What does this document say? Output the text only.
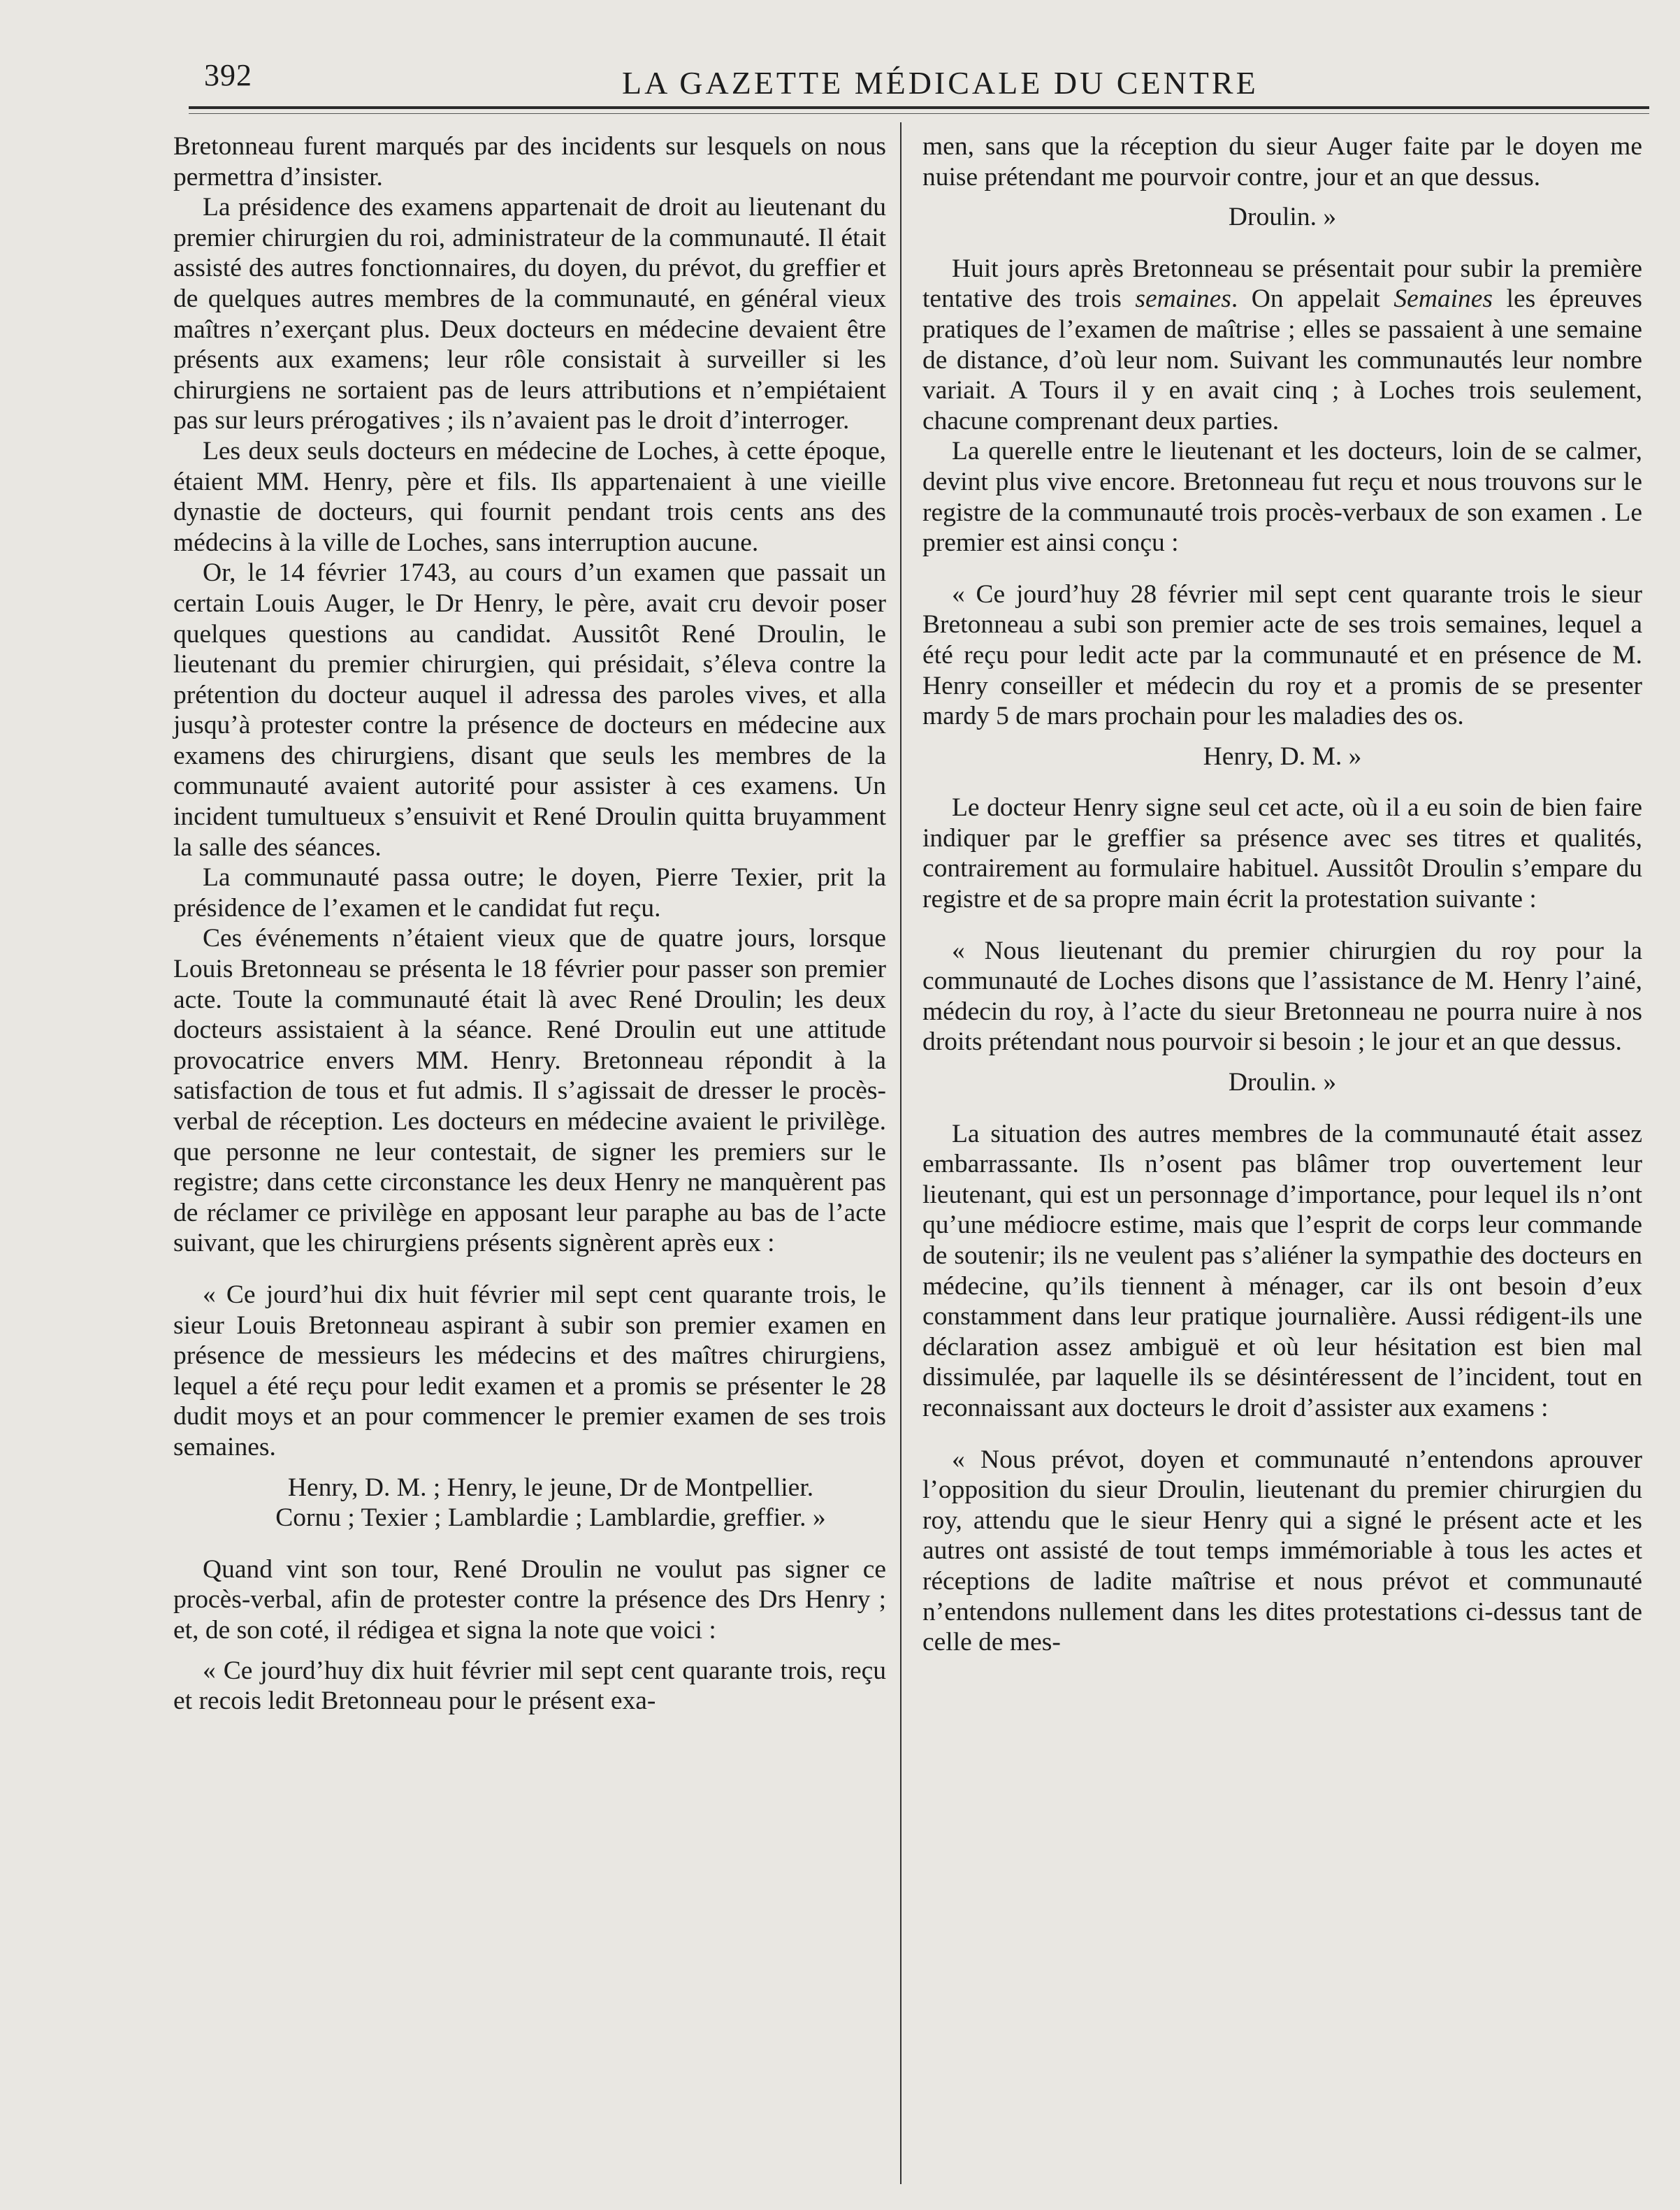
392	LA GAZETTE MÉDICALE DU CENTRE

Bretonneau furent marqués par des incidents sur lesquels on nous permettra d’insister.

La présidence des examens appartenait de droit au lieutenant du premier chirurgien du roi, administrateur de la communauté. Il était assisté des autres fonctionnaires, du doyen, du prévot, du greffier et de quelques autres membres de la communauté, en général vieux maîtres n’exerçant plus. Deux docteurs en médecine devaient être présents aux examens; leur rôle consistait à surveiller si les chirurgiens ne sortaient pas de leurs attributions et n’empiétaient pas sur leurs prérogatives ; ils n’avaient pas le droit d’interroger.

Les deux seuls docteurs en médecine de Loches, à cette époque, étaient MM. Henry, père et fils. Ils appartenaient à une vieille dynastie de docteurs, qui fournit pendant trois cents ans des médecins à la ville de Loches, sans interruption aucune.

Or, le 14 février 1743, au cours d’un examen que passait un certain Louis Auger, le Dr Henry, le père, avait cru devoir poser quelques questions au candidat. Aussitôt René Droulin, le lieutenant du premier chirurgien, qui présidait, s’éleva contre la prétention du docteur auquel il adressa des paroles vives, et alla jusqu’à protester contre la présence de docteurs en médecine aux examens des chirurgiens, disant que seuls les membres de la communauté avaient autorité pour assister à ces examens. Un incident tumultueux s’ensuivit et René Droulin quitta bruyamment la salle des séances.

La communauté passa outre; le doyen, Pierre Texier, prit la présidence de l’examen et le candidat fut reçu.

Ces événements n’étaient vieux que de quatre jours, lorsque Louis Bretonneau se présenta le 18 février pour passer son premier acte. Toute la communauté était là avec René Droulin; les deux docteurs assistaient à la séance. René Droulin eut une attitude provocatrice envers MM. Henry. Bretonneau répondit à la satisfaction de tous et fut admis. Il s’agissait de dresser le procès-verbal de réception. Les docteurs en médecine avaient le privilège. que personne ne leur contestait, de signer les premiers sur le registre; dans cette circonstance les deux Henry ne manquèrent pas de réclamer ce privilège en apposant leur paraphe au bas de l’acte suivant, que les chirurgiens présents signèrent après eux :

« Ce jourd’hui dix huit février mil sept cent quarante trois, le sieur Louis Bretonneau aspirant à subir son premier examen en présence de messieurs les médecins et des maîtres chirurgiens, lequel a été reçu pour ledit examen et a promis se présenter le 28 dudit moys et an pour commencer le premier examen de ses trois semaines.

Henry, D. M. ; Henry, le jeune, Dr de Montpellier.

Cornu ; Texier ; Lamblardie ; Lamblardie, greffier. »

Quand vint son tour, René Droulin ne voulut pas signer ce procès-verbal, afin de protester contre la présence des Drs Henry ; et, de son coté, il rédigea et signa la note que voici :

« Ce jourd’huy dix huit février mil sept cent quarante trois, reçu et recois ledit Bretonneau pour le présent exa-

men, sans que la réception du sieur Auger faite par le doyen me nuise prétendant me pourvoir contre, jour et an que dessus.

Droulin. »

Huit jours après Bretonneau se présentait pour subir la première tentative des trois semaines. On appelait Semaines les épreuves pratiques de l’examen de maîtrise ; elles se passaient à une semaine de distance, d’où leur nom. Suivant les communautés leur nombre variait. A Tours il y en avait cinq ; à Loches trois seulement, chacune comprenant deux parties.

La querelle entre le lieutenant et les docteurs, loin de se calmer, devint plus vive encore. Bretonneau fut reçu et nous trouvons sur le registre de la communauté trois procès-verbaux de son examen . Le premier est ainsi conçu :

« Ce jourd’huy 28 février mil sept cent quarante trois le sieur Bretonneau a subi son premier acte de ses trois semaines, lequel a été reçu pour ledit acte par la communauté et en présence de M. Henry conseiller et médecin du roy et a promis de se presenter mardy 5 de mars prochain pour les maladies des os.

Henry, D. M. »

Le docteur Henry signe seul cet acte, où il a eu soin de bien faire indiquer par le greffier sa présence avec ses titres et qualités, contrairement au formulaire habituel. Aussitôt Droulin s’empare du registre et de sa propre main écrit la protestation suivante :

« Nous lieutenant du premier chirurgien du roy pour la communauté de Loches disons que l’assistance de M. Henry l’ainé, médecin du roy, à l’acte du sieur Bretonneau ne pourra nuire à nos droits prétendant nous pourvoir si besoin ; le jour et an que dessus.

Droulin. »

La situation des autres membres de la communauté était assez embarrassante. Ils n’osent pas blâmer trop ouvertement leur lieutenant, qui est un personnage d’importance, pour lequel ils n’ont qu’une médiocre estime, mais que l’esprit de corps leur commande de soutenir; ils ne veulent pas s’aliéner la sympathie des docteurs en médecine, qu’ils tiennent à ménager, car ils ont besoin d’eux constamment dans leur pratique journalière. Aussi rédigent-ils une déclaration assez ambiguë et où leur hésitation est bien mal dissimulée, par laquelle ils se désintéressent de l’incident, tout en reconnaissant aux docteurs le droit d’assister aux examens :

« Nous prévot, doyen et communauté n’entendons aprouver l’opposition du sieur Droulin, lieutenant du premier chirurgien du roy, attendu que le sieur Henry qui a signé le présent acte et les autres ont assisté de tout temps immémoriable à tous les actes et réceptions de ladite maîtrise et nous prévot et communauté n’entendons nullement dans les dites protestations ci-dessus tant de celle de mes-
